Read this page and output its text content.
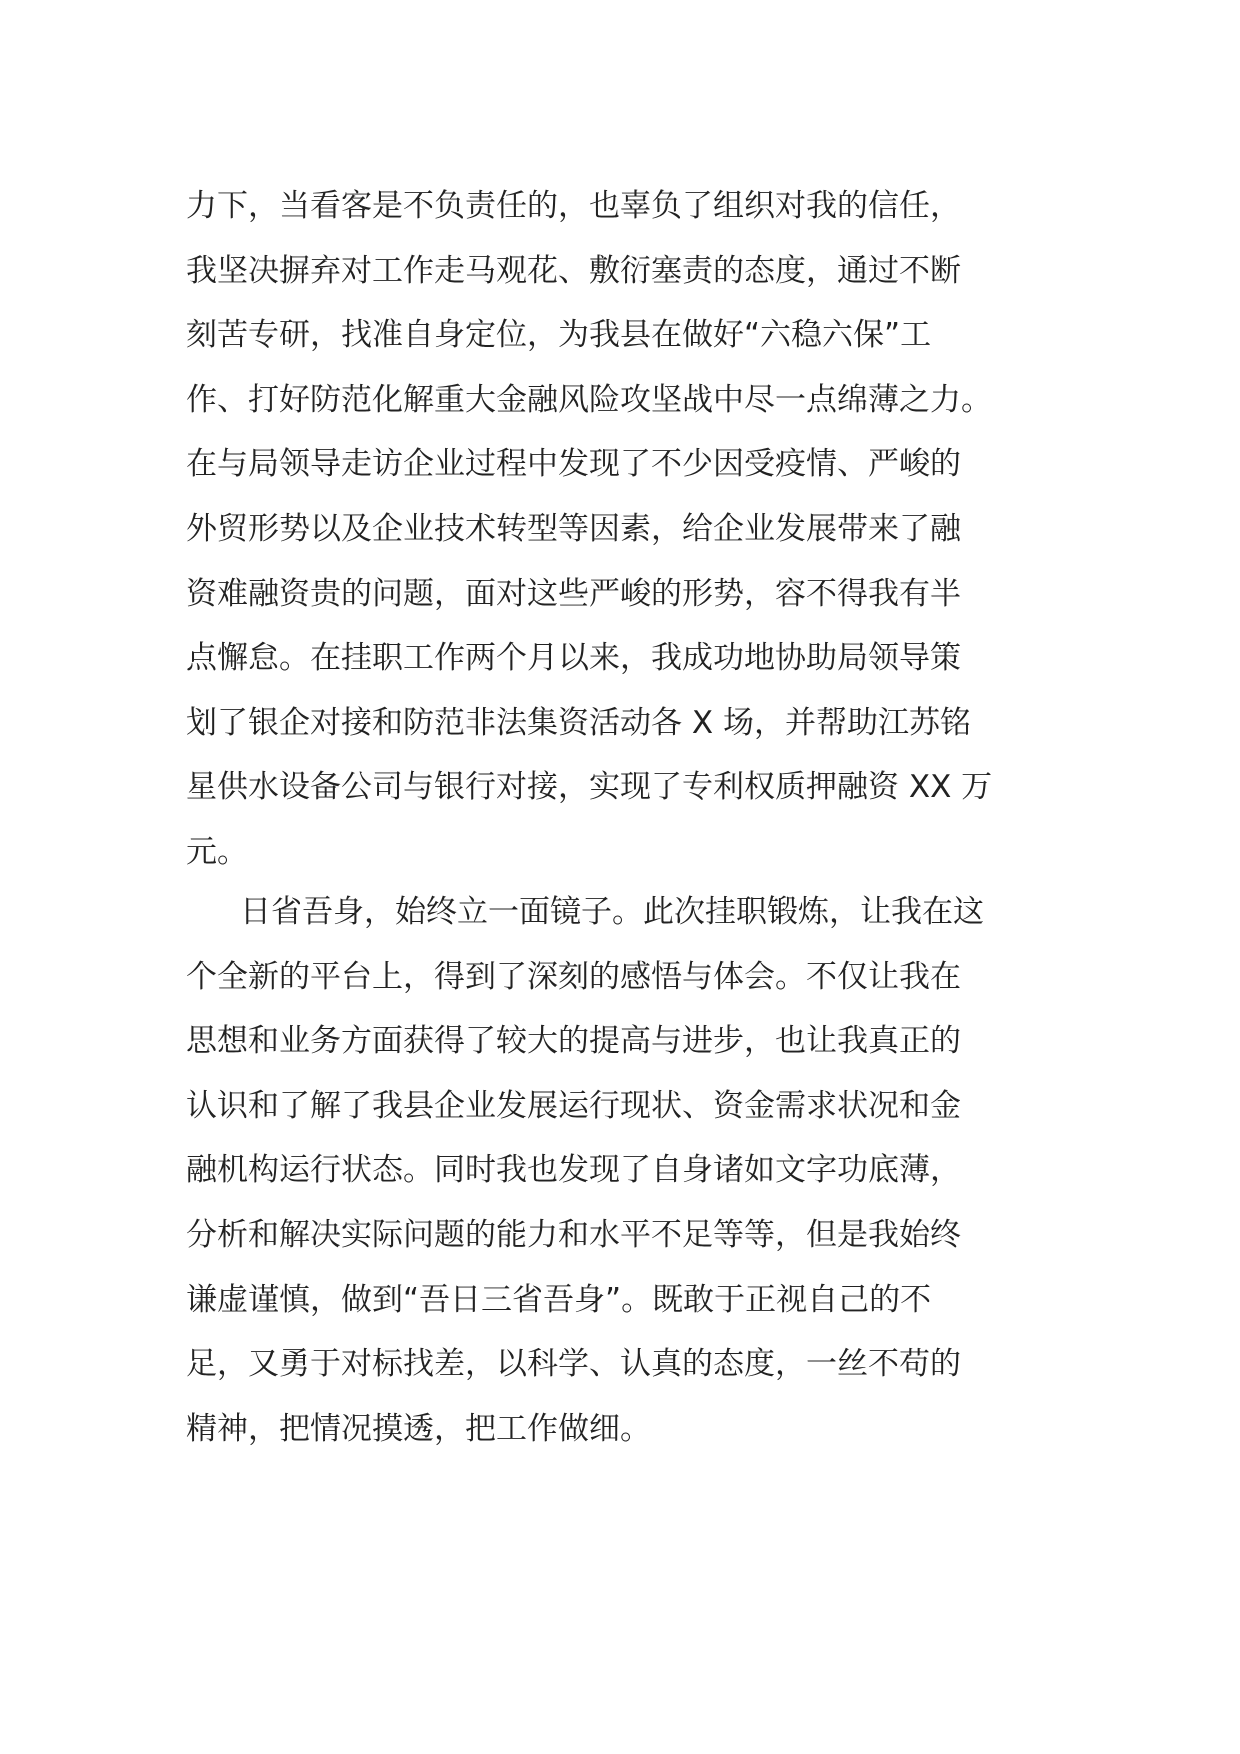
力下，当看客是不负责任的，也辜负了组织对我的信任，
我坚决摒弃对工作走马观花、敷衍塞责的态度，通过不断
刻苦专研，找准自身定位，为我县在做好“六稳六保”工
作、打好防范化解重大金融风险攻坚战中尽一点绵薄之力。
在与局领导走访企业过程中发现了不少因受疫情、严峻的
外贸形势以及企业技术转型等因素，给企业发展带来了融
资难融资贵的问题，面对这些严峻的形势，容不得我有半
点懈怠。在挂职工作两个月以来，我成功地协助局领导策
划了银企对接和防范非法集资活动各 X 场，并帮助江苏铭
星供水设备公司与银行对接，实现了专利权质押融资 XX 万
元。
日省吾身，始终立一面镜子。此次挂职锻炼，让我在这
个全新的平台上，得到了深刻的感悟与体会。不仅让我在
思想和业务方面获得了较大的提高与进步，也让我真正的
认识和了解了我县企业发展运行现状、资金需求状况和金
融机构运行状态。同时我也发现了自身诸如文字功底薄，
分析和解决实际问题的能力和水平不足等等，但是我始终
谦虚谨慎，做到“吾日三省吾身”。既敢于正视自己的不
足，又勇于对标找差，以科学、认真的态度，一丝不苟的
精神，把情况摸透，把工作做细。
